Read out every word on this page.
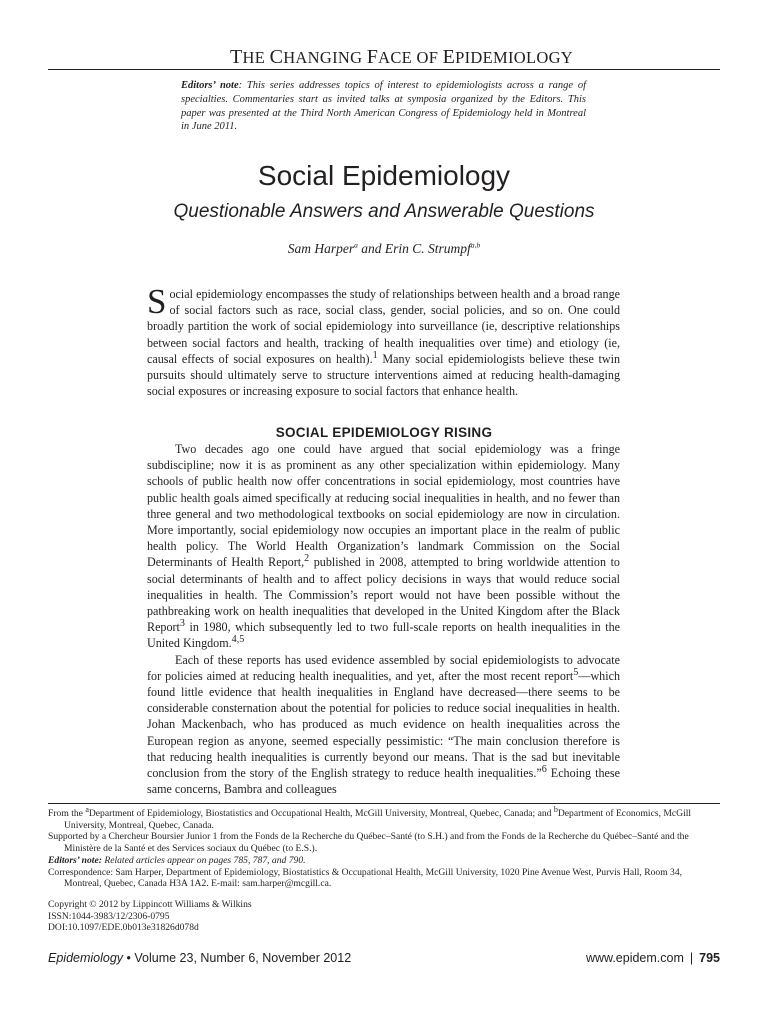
THE CHANGING FACE OF EPIDEMIOLOGY
Editors’ note: This series addresses topics of interest to epidemiologists across a range of specialties. Commentaries start as invited talks at symposia organized by the Editors. This paper was presented at the Third North American Congress of Epidemiology held in Montreal in June 2011.
Social Epidemiology
Questionable Answers and Answerable Questions
Sam Harper$^a$ and Erin C. Strumpf$^{a,b}$

Social epidemiology encompasses the study of relationships between health and a broad range of social factors such as race, social class, gender, social policies, and so on. One could broadly partition the work of social epidemiology into surveillance (ie, descriptive relationships between social factors and health, tracking of health inequalities over time) and etiology (ie, causal effects of social exposures on health).$^1$ Many social epidemiologists believe these twin pursuits should ultimately serve to structure interventions aimed at reducing health-damaging social exposures or increasing exposure to social factors that enhance health.

SOCIAL EPIDEMIOLOGY RISING

Two decades ago one could have argued that social epidemiology was a fringe subdiscipline; now it is as prominent as any other specialization within epidemiology. Many schools of public health now offer concentrations in social epidemiology, most countries have public health goals aimed specifically at reducing social inequalities in health, and no fewer than three general and two methodological textbooks on social epidemiology are now in circulation. More importantly, social epidemiology now occupies an important place in the realm of public health policy. The World Health Organization’s landmark Commission on the Social Determinants of Health Report,$^2$ published in 2008, attempted to bring worldwide attention to social determinants of health and to affect policy decisions in ways that would reduce social inequalities in health. The Commission’s report would not have been possible without the pathbreaking work on health inequalities that developed in the United Kingdom after the Black Report$^3$ in 1980, which subsequently led to two full-scale reports on health inequalities in the United Kingdom.$^{4,5}$

Each of these reports has used evidence assembled by social epidemiologists to advocate for policies aimed at reducing health inequalities, and yet, after the most recent report$^5$—which found little evidence that health inequalities in England have decreased—there seems to be considerable consternation about the potential for policies to reduce social inequalities in health. Johan Mackenbach, who has produced as much evidence on health inequalities across the European region as anyone, seemed especially pessimistic: “The main conclusion therefore is that reducing health inequalities is currently beyond our means. That is the sad but inevitable conclusion from the story of the English strategy to reduce health inequalities.”$^6$ Echoing these same concerns, Bambra and colleagues

From the $^a$Department of Epidemiology, Biostatistics and Occupational Health, McGill University, Montreal, Quebec, Canada; and $^b$Department of Economics, McGill University, Montreal, Quebec, Canada.

Supported by a Chercheur Boursier Junior 1 from the Fonds de la Recherche du Québec–Santé (to S.H.) and from the Fonds de la Recherche du Québec–Santé and the Ministère de la Santé et des Services sociaux du Québec (to E.S.).

Editors’ note: Related articles appear on pages 785, 787, and 790.

Correspondence: Sam Harper, Department of Epidemiology, Biostatistics & Occupational Health, McGill University, 1020 Pine Avenue West, Purvis Hall, Room 34, Montreal, Quebec, Canada H3A 1A2. E-mail: sam.harper@mcgill.ca.

Copyright © 2012 by Lippincott Williams & Wilkins
ISSN:1044-3983/12/2306-0795
DOI:10.1097/EDE.0b013e31826d078d
Epidemiology • Volume 23, Number 6, November 2012	www.epidem.com | 795
